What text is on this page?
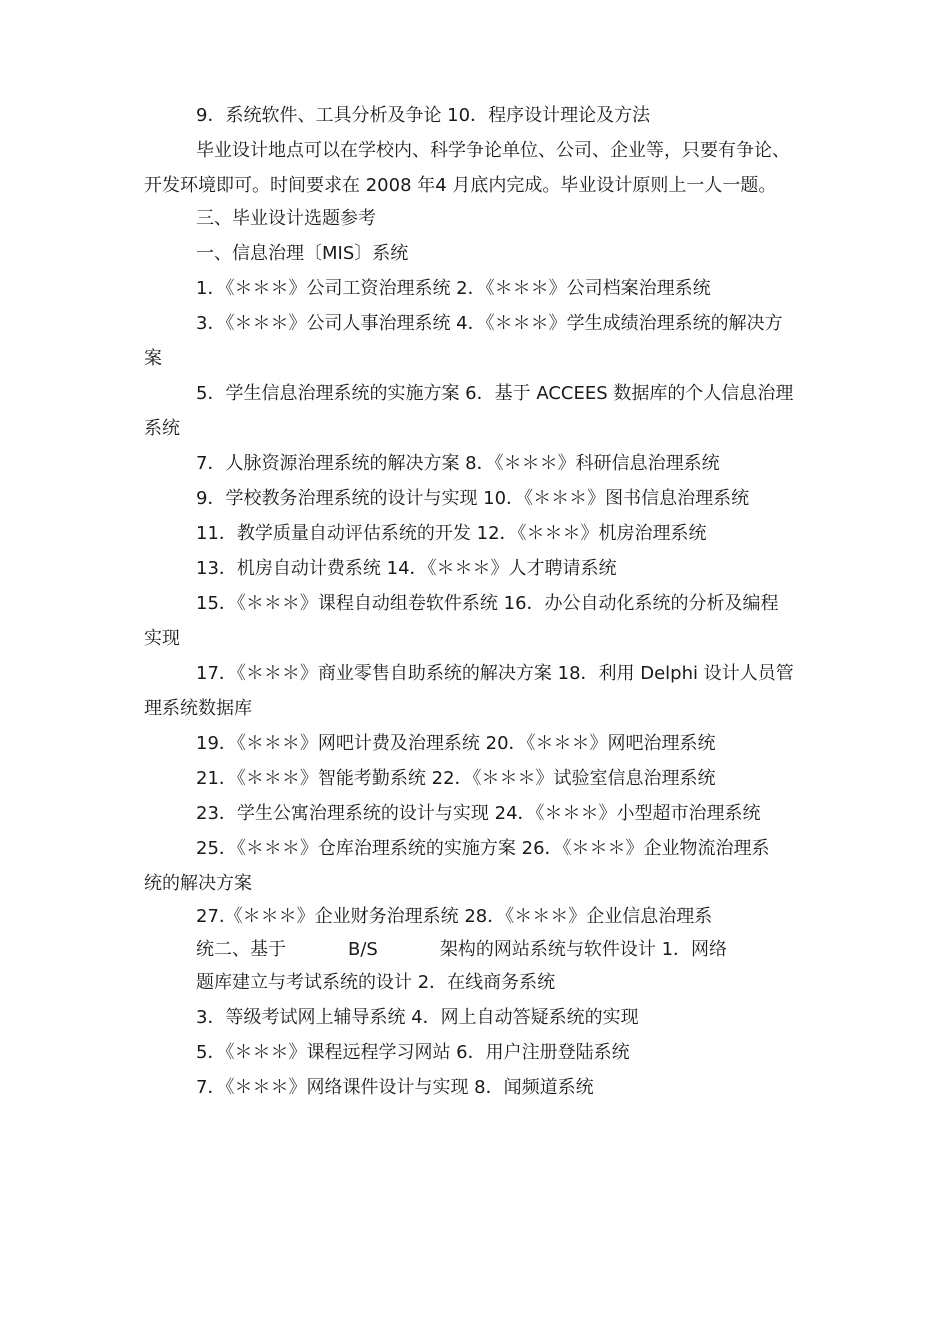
9．系统软件、工具分析及争论 10．程序设计理论及方法
毕业设计地点可以在学校内、科学争论单位、公司、企业等，只要有争论、
开发环境即可。时间要求在 2008 年4 月底内完成。毕业设计原则上一人一题。
三、毕业设计选题参考
一、信息治理〔MIS〕系统
1．《＊＊＊》公司工资治理系统 2．《＊＊＊》公司档案治理系统
3．《＊＊＊》公司人事治理系统 4．《＊＊＊》学生成绩治理系统的解决方
案
5．学生信息治理系统的实施方案 6．基于 ACCEES 数据库的个人信息治理
系统
7．人脉资源治理系统的解决方案 8．《＊＊＊》科研信息治理系统
9．学校教务治理系统的设计与实现 10．《＊＊＊》图书信息治理系统
11．教学质量自动评估系统的开发 12．《＊＊＊》机房治理系统
13．机房自动计费系统 14．《＊＊＊》人才聘请系统
15．《＊＊＊》课程自动组卷软件系统 16．办公自动化系统的分析及编程
实现
17．《＊＊＊》商业零售自助系统的解决方案 18．利用 Delphi 设计人员管
理系统数据库
19．《＊＊＊》网吧计费及治理系统 20．《＊＊＊》网吧治理系统
21．《＊＊＊》智能考勤系统 22．《＊＊＊》试验室信息治理系统
23．学生公寓治理系统的设计与实现 24．《＊＊＊》小型超市治理系统
25．《＊＊＊》仓库治理系统的实施方案 26．《＊＊＊》企业物流治理系
统的解决方案
27.《＊＊＊》企业财务治理系统 28．《＊＊＊》企业信息治理系
统二、基于	B/S	架构的网站系统与软件设计 1．网络
题库建立与考试系统的设计 2．在线商务系统
3．等级考试网上辅导系统 4．网上自动答疑系统的实现
5．《＊＊＊》课程远程学习网站 6．用户注册登陆系统
7．《＊＊＊》网络课件设计与实现 8．闻频道系统
